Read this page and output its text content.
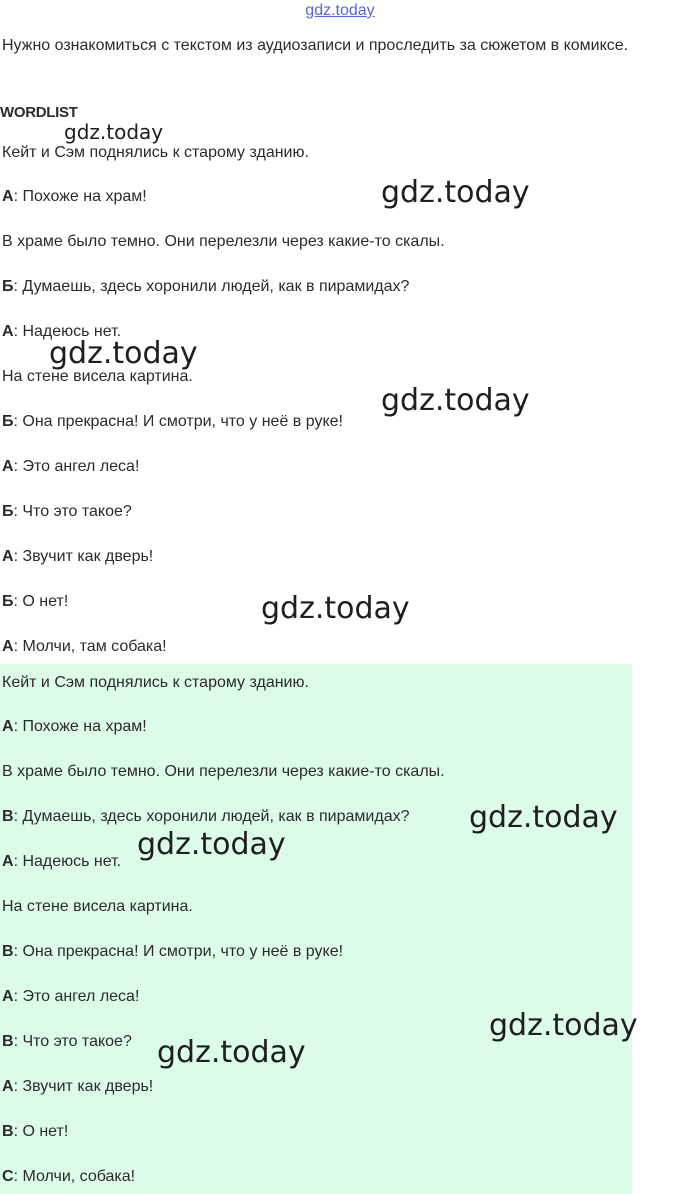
gdz.today

Нужно ознакомиться с текстом из аудиозаписи и проследить за сюжетом в комиксе.

WORDLIST

Кейт и Сэм поднялись к старому зданию.

А: Похоже на храм!

В храме было темно. Они перелезли через какие-то скалы.

Б: Думаешь, здесь хоронили людей, как в пирамидах?

А: Надеюсь нет.

На стене висела картина.

Б: Она прекрасна! И смотри, что у неё в руке!

А: Это ангел леса!

Б: Что это такое?

А: Звучит как дверь!

Б: О нет!

А: Молчи, там собака!

Кейт и Сэм поднялись к старому зданию.

A: Похоже на храм!

В храме было темно. Они перелезли через какие-то скалы.

B: Думаешь, здесь хоронили людей, как в пирамидах?

A: Надеюсь нет.

На стене висела картина.

B: Она прекрасна! И смотри, что у неё в руке!

A: Это ангел леса!

B: Что это такое?

A: Звучит как дверь!

B: О нет!

C: Молчи, собака!

gdz.today
gdz.today
gdz.today
gdz.today
gdz.today
gdz.today
gdz.today
gdz.today
gdz.today
